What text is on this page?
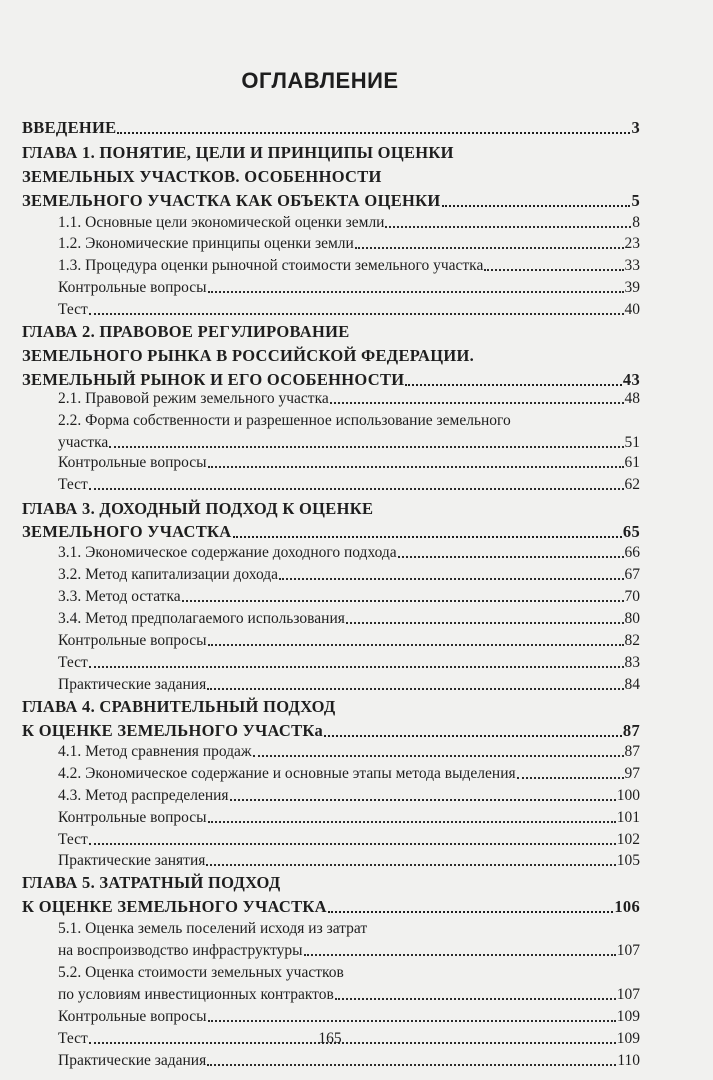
ОГЛАВЛЕНИЕ
ВВЕДЕНИЕ	3
ГЛАВА 1. ПОНЯТИЕ, ЦЕЛИ И ПРИНЦИПЫ ОЦЕНКИ
ЗЕМЕЛЬНЫХ УЧАСТКОВ. ОСОБЕННОСТИ
ЗЕМЕЛЬНОГО УЧАСТКА КАК ОБЪЕКТА ОЦЕНКИ	5
1.1. Основные цели экономической оценки земли	8
1.2. Экономические принципы оценки земли	23
1.3. Процедура оценки рыночной стоимости земельного участка	33
Контрольные вопросы	39
Тест	40
ГЛАВА 2. ПРАВОВОЕ РЕГУЛИРОВАНИЕ
ЗЕМЕЛЬНОГО РЫНКА В РОССИЙСКОЙ ФЕДЕРАЦИИ.
ЗЕМЕЛЬНЫЙ РЫНОК И ЕГО ОСОБЕННОСТИ	43
2.1. Правовой режим земельного участка	48
2.2. Форма собственности и разрешенное использование земельного
участка	51
Контрольные вопросы	61
Тест	62
ГЛАВА 3. ДОХОДНЫЙ ПОДХОД К ОЦЕНКЕ
ЗЕМЕЛЬНОГО УЧАСТКА	65
3.1. Экономическое содержание доходного подхода	66
3.2. Метод капитализации дохода	67
3.3. Метод остатка	70
3.4. Метод предполагаемого использования	80
Контрольные вопросы	82
Тест	83
Практические задания	84
ГЛАВА 4. СРАВНИТЕЛЬНЫЙ ПОДХОД
К ОЦЕНКЕ ЗЕМЕЛЬНОГО УЧАСТКа	87
4.1. Метод сравнения продаж	87
4.2. Экономическое содержание и основные этапы метода выделения	97
4.3. Метод распределения	100
Контрольные вопросы	101
Тест	102
Практические занятия	105
ГЛАВА 5. ЗАТРАТНЫЙ ПОДХОД
К ОЦЕНКЕ ЗЕМЕЛЬНОГО УЧАСТКА	106
5.1. Оценка земель поселений исходя из затрат
на воспроизводство инфраструктуры	107
5.2. Оценка стоимости земельных участков
по условиям инвестиционных контрактов	107
Контрольные вопросы	109
Тест	109
Практические задания	110
165
